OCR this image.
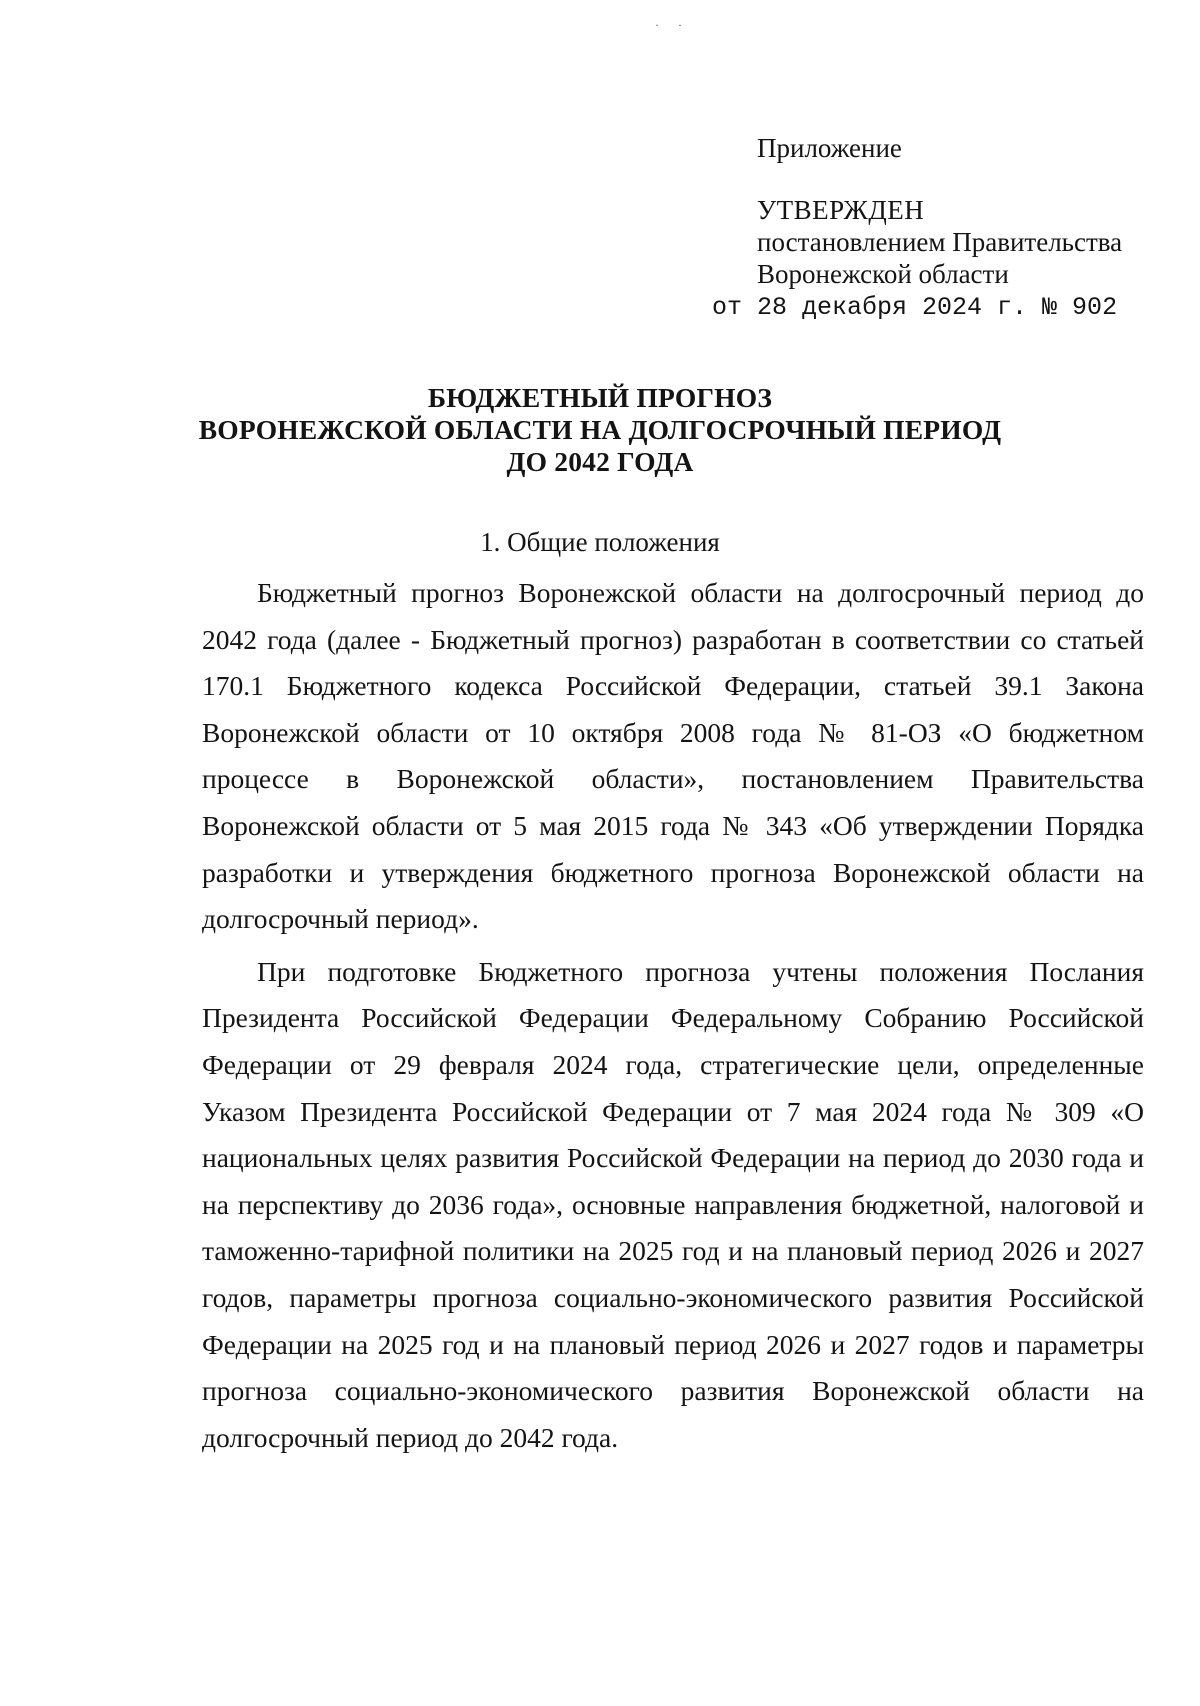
· ·
Приложение
УТВЕРЖДЕН
постановлением Правительства
Воронежской области
от 28 декабря 2024 г. № 902
БЮДЖЕТНЫЙ ПРОГНОЗ
ВОРОНЕЖСКОЙ ОБЛАСТИ НА ДОЛГОСРОЧНЫЙ ПЕРИОД
ДО 2042 ГОДА
1. Общие положения

Бюджетный прогноз Воронежской области на долгосрочный период до 2042 года (далее - Бюджетный прогноз) разработан в соответствии со статьей 170.1 Бюджетного кодекса Российской Федерации, статьей 39.1 Закона Воронежской области от 10 октября 2008 года № 81-ОЗ «О бюджетном процессе в Воронежской области», постановлением Правительства Воронежской области от 5 мая 2015 года № 343 «Об утверждении Порядка разработки и утверждения бюджетного прогноза Воронежской области на долгосрочный период».

При подготовке Бюджетного прогноза учтены положения Послания Президента Российской Федерации Федеральному Собранию Российской Федерации от 29 февраля 2024 года, стратегические цели, определенные Указом Президента Российской Федерации от 7 мая 2024 года № 309 «О национальных целях развития Российской Федерации на период до 2030 года и на перспективу до 2036 года», основные направления бюджетной, налоговой и таможенно-тарифной политики на 2025 год и на плановый период 2026 и 2027 годов, параметры прогноза социально-экономического развития Российской Федерации на 2025 год и на плановый период 2026 и 2027 годов и параметры прогноза социально-экономического развития Воронежской области на долгосрочный период до 2042 года.
